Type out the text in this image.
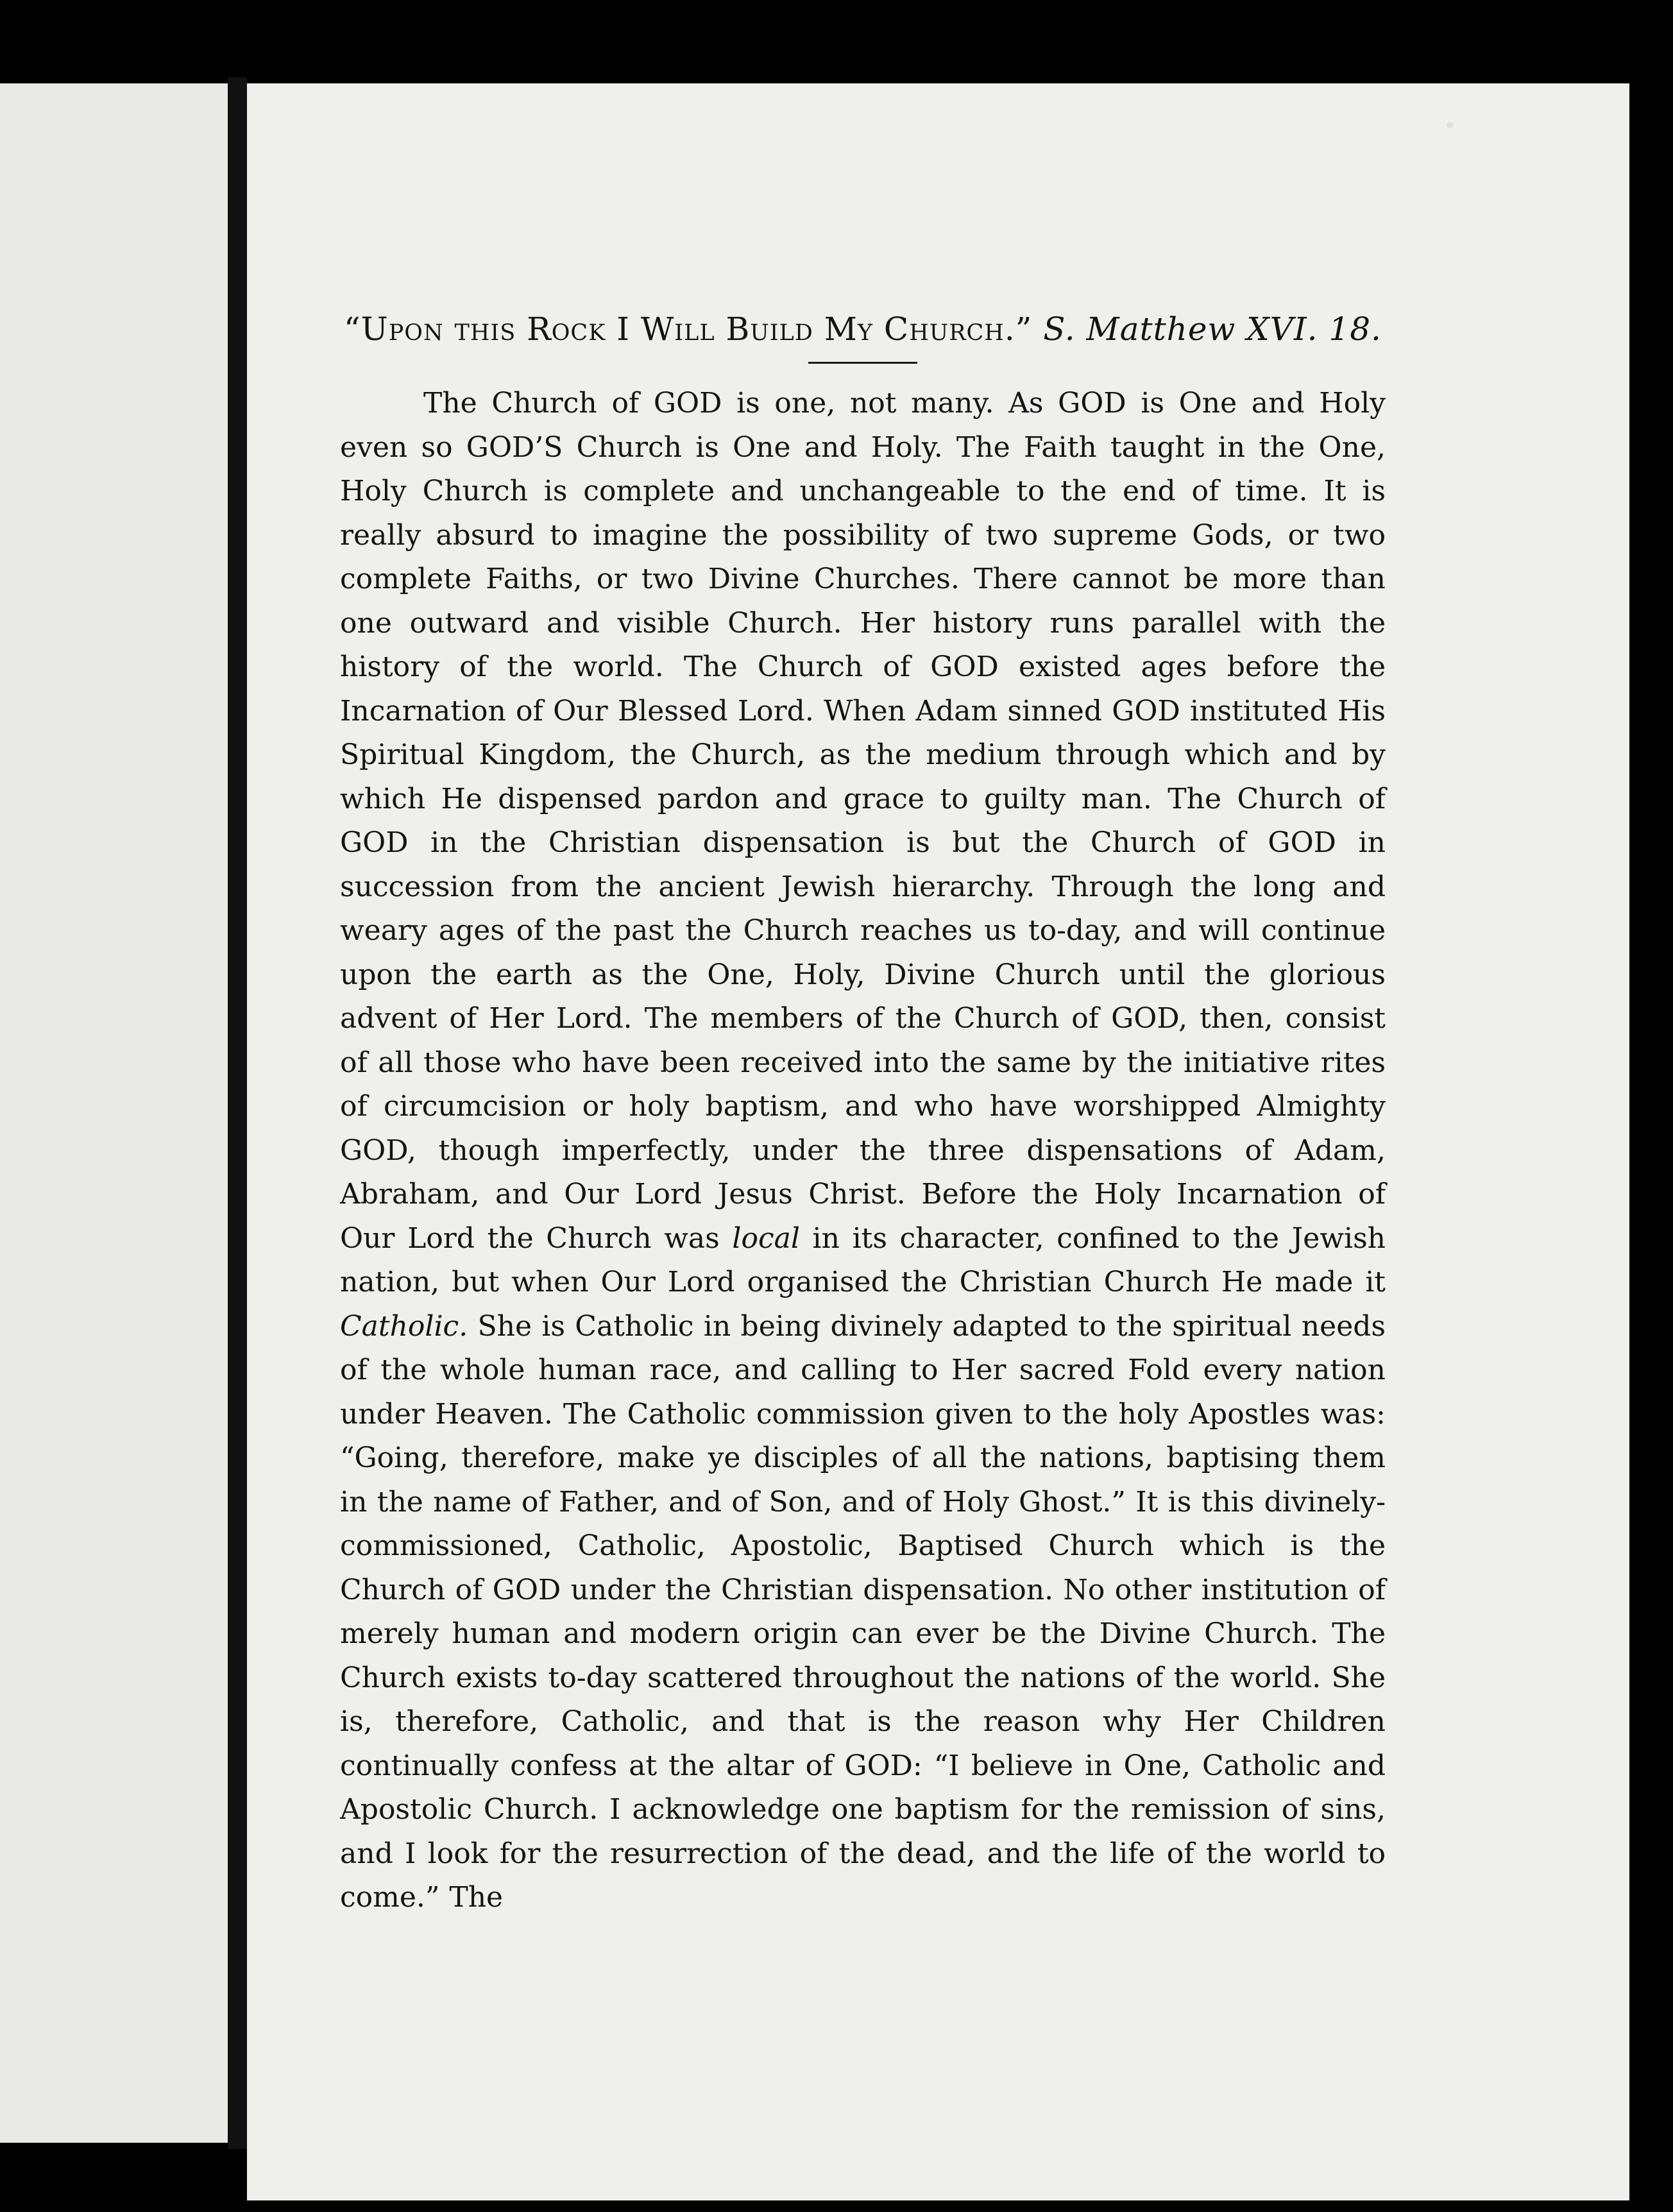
“Upon this Rock I Will Build My Church.” S. Matthew XVI. 18.

The Church of GOD is one, not many. As GOD is One and Holy even so GOD’S Church is One and Holy. The Faith taught in the One, Holy Church is complete and unchangeable to the end of time. It is really absurd to imagine the possibility of two supreme Gods, or two complete Faiths, or two Divine Churches. There cannot be more than one outward and visible Church. Her history runs parallel with the history of the world. The Church of GOD existed ages before the Incarnation of Our Blessed Lord. When Adam sinned GOD instituted His Spiritual Kingdom, the Church, as the medium through which and by which He dispensed pardon and grace to guilty man. The Church of GOD in the Christian dispensation is but the Church of GOD in succession from the ancient Jewish hierarchy. Through the long and weary ages of the past the Church reaches us to-day, and will continue upon the earth as the One, Holy, Divine Church until the glorious advent of Her Lord. The members of the Church of GOD, then, consist of all those who have been received into the same by the initiative rites of circumcision or holy baptism, and who have worshipped Almighty GOD, though imperfectly, under the three dispensations of Adam, Abraham, and Our Lord Jesus Christ. Before the Holy Incarnation of Our Lord the Church was local in its character, confined to the Jewish nation, but when Our Lord organised the Christian Church He made it Catholic. She is Catholic in being divinely adapted to the spiritual needs of the whole human race, and calling to Her sacred Fold every nation under Heaven. The Catholic commission given to the holy Apostles was: “Going, therefore, make ye disciples of all the nations, baptising them in the name of Father, and of Son, and of Holy Ghost.” It is this divinely-commissioned, Catholic, Apostolic, Baptised Church which is the Church of GOD under the Christian dispensation. No other institution of merely human and modern origin can ever be the Divine Church. The Church exists to-day scattered throughout the nations of the world. She is, therefore, Catholic, and that is the reason why Her Children continually confess at the altar of GOD: “I believe in One, Catholic and Apostolic Church. I acknowledge one baptism for the remission of sins, and I look for the resurrection of the dead, and the life of the world to come.” The
